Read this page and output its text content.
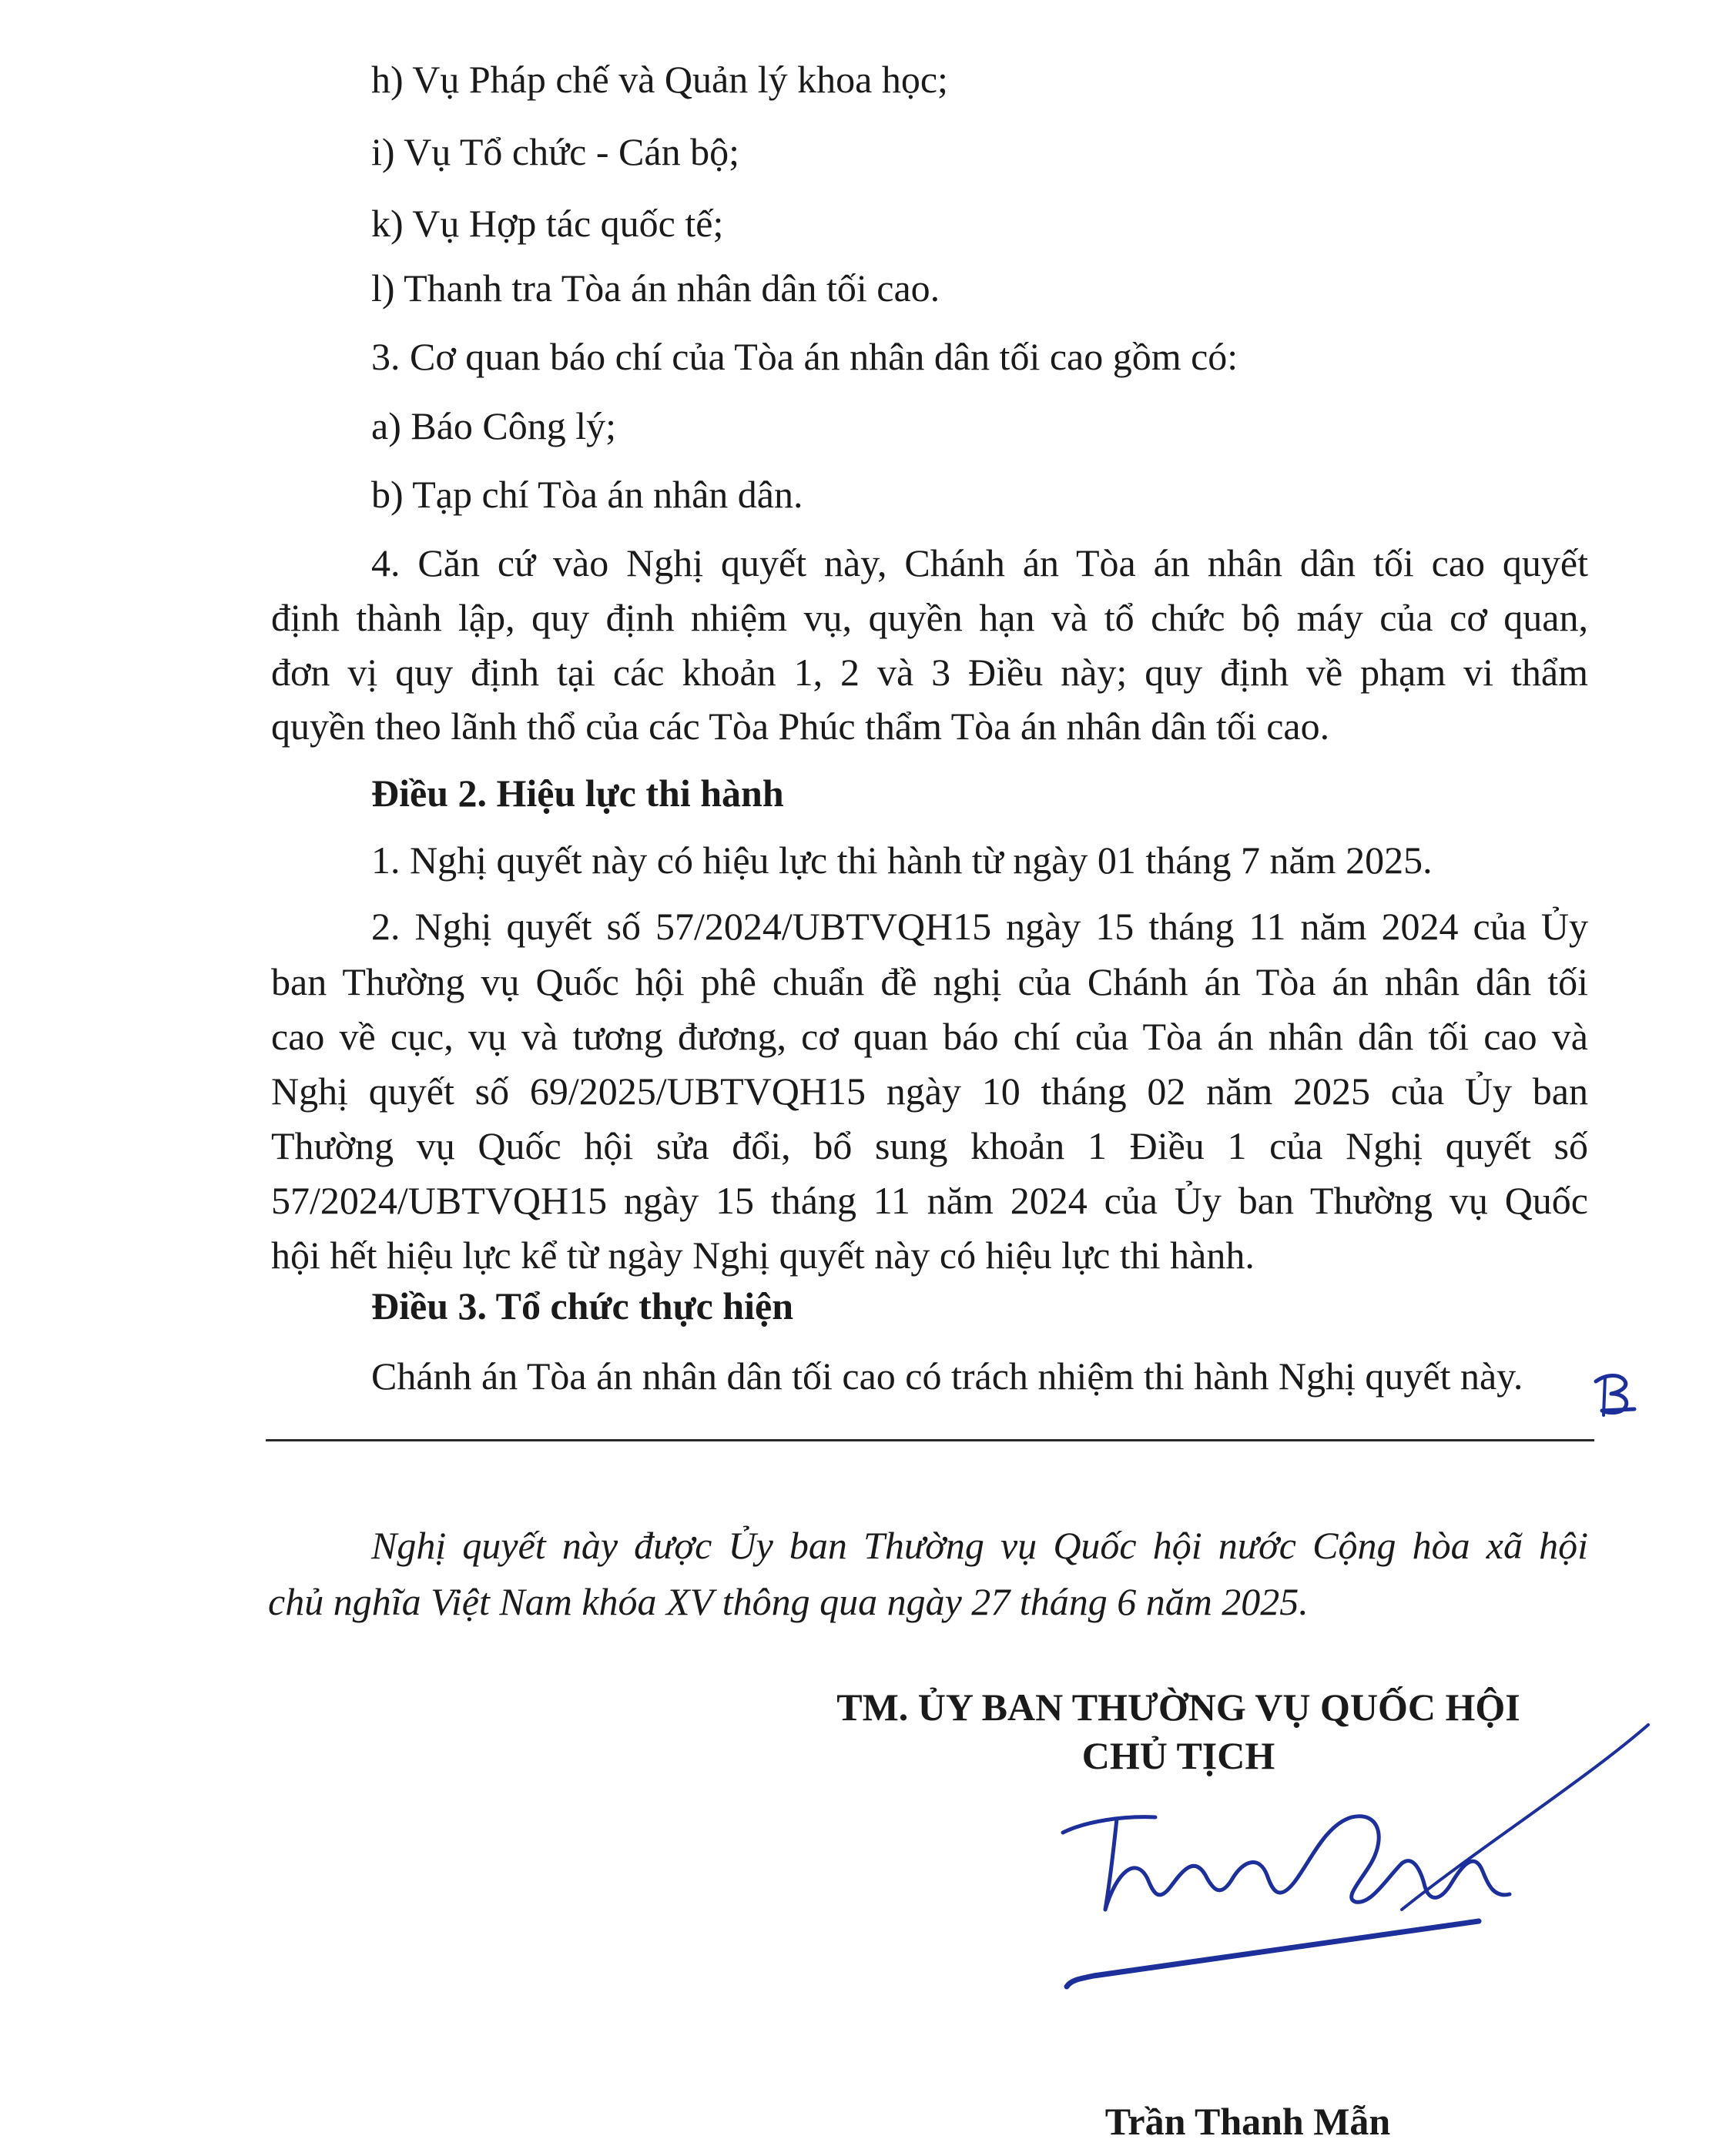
h) Vụ Pháp chế và Quản lý khoa học;
i) Vụ Tổ chức - Cán bộ;
k) Vụ Hợp tác quốc tế;
l) Thanh tra Tòa án nhân dân tối cao.
3. Cơ quan báo chí của Tòa án nhân dân tối cao gồm có:
a) Báo Công lý;
b) Tạp chí Tòa án nhân dân.
4. Căn cứ vào Nghị quyết này, Chánh án Tòa án nhân dân tối cao quyết
định thành lập, quy định nhiệm vụ, quyền hạn và tổ chức bộ máy của cơ quan,
đơn vị quy định tại các khoản 1, 2 và 3 Điều này; quy định về phạm vi thẩm
quyền theo lãnh thổ của các Tòa Phúc thẩm Tòa án nhân dân tối cao.
Điều 2. Hiệu lực thi hành
1. Nghị quyết này có hiệu lực thi hành từ ngày 01 tháng 7 năm 2025.
2. Nghị quyết số 57/2024/UBTVQH15 ngày 15 tháng 11 năm 2024 của Ủy
ban Thường vụ Quốc hội phê chuẩn đề nghị của Chánh án Tòa án nhân dân tối
cao về cục, vụ và tương đương, cơ quan báo chí của Tòa án nhân dân tối cao và
Nghị quyết số 69/2025/UBTVQH15 ngày 10 tháng 02 năm 2025 của Ủy ban
Thường vụ Quốc hội sửa đổi, bổ sung khoản 1 Điều 1 của Nghị quyết số
57/2024/UBTVQH15 ngày 15 tháng 11 năm 2024 của Ủy ban Thường vụ Quốc
hội hết hiệu lực kể từ ngày Nghị quyết này có hiệu lực thi hành.
Điều 3. Tổ chức thực hiện
Chánh án Tòa án nhân dân tối cao có trách nhiệm thi hành Nghị quyết này.
Nghị quyết này được Ủy ban Thường vụ Quốc hội nước Cộng hòa xã hội
chủ nghĩa Việt Nam khóa XV thông qua ngày 27 tháng 6 năm 2025.
TM. ỦY BAN THƯỜNG VỤ QUỐC HỘI
CHỦ TỊCH
Trần Thanh Mẫn
